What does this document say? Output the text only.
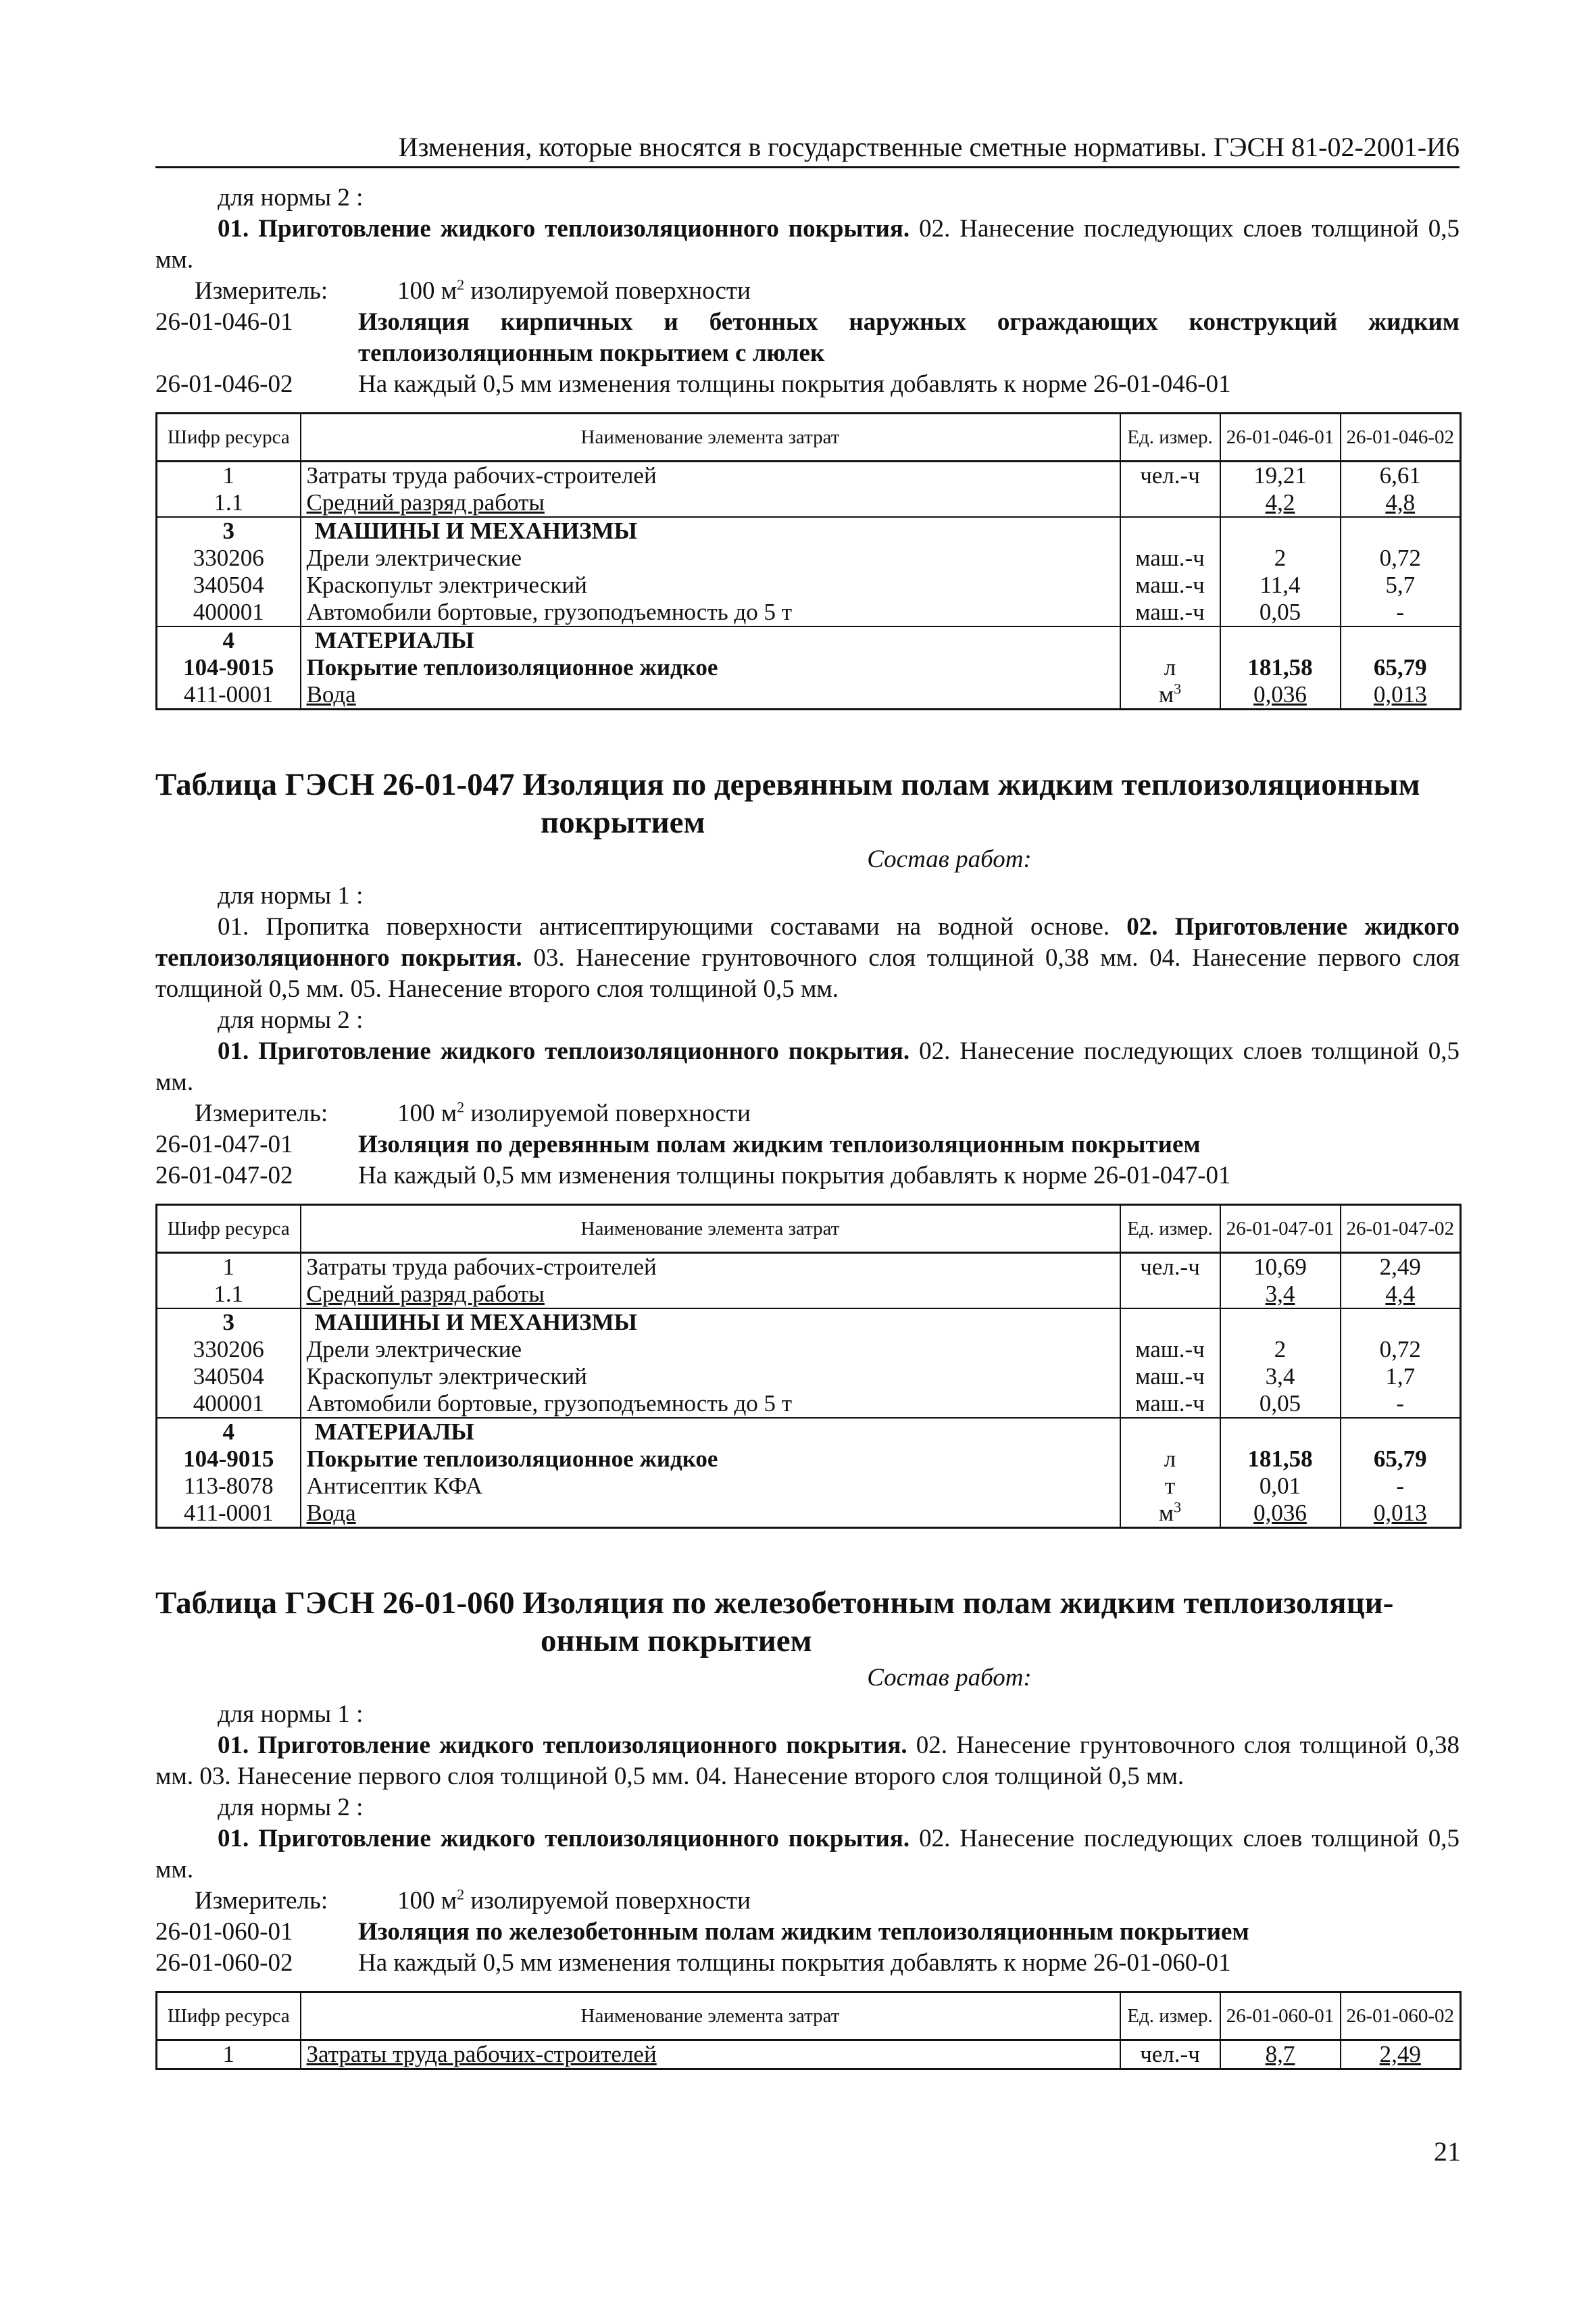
Изменения, которые вносятся в государственные сметные нормативы. ГЭСН 81-02-2001-И6

для нормы 2 :

01. Приготовление жидкого теплоизоляционного покрытия. 02. Нанесение последующих слоев толщиной 0,5 мм.

Измеритель:	100 $м^2$ изолируемой поверхности

26-01-046-01	Изоляция кирпичных и бетонных наружных ограждающих конструкций жидким теплоизоляционным покрытием с люлек
26-01-046-02	На каждый 0,5 мм изменения толщины покрытия добавлять к норме 26-01-046-01
Шифр ресурса	Наименование элемента затрат	Ед. измер.	26-01-046-01	26-01-046-02
1	Затраты труда рабочих-строителей	чел.-ч	19,21	6,61
1.1	Средний разряд работы		4,2	4,8
3	МАШИНЫ И МЕХАНИЗМЫ			
330206	Дрели электрические	маш.-ч	2	0,72
340504	Краскопульт электрический	маш.-ч	11,4	5,7
400001	Автомобили бортовые, грузоподъемность до 5 т	маш.-ч	0,05	-
4	МАТЕРИАЛЫ			
104-9015	Покрытие теплоизоляционное жидкое	л	181,58	65,79
411-0001	Вода	$м^3$	0,036	0,013

Таблица ГЭСН 26-01-047 Изоляция по деревянным полам жидким теплоизоляционным
покрытием

Состав работ:

для нормы 1 :

01. Пропитка поверхности антисептирующими составами на водной основе. 02. Приготовление жидкого теплоизоляционного покрытия. 03. Нанесение грунтовочного слоя толщиной 0,38 мм. 04. Нанесение первого слоя толщиной 0,5 мм. 05. Нанесение второго слоя толщиной 0,5 мм.

для нормы 2 :

01. Приготовление жидкого теплоизоляционного покрытия. 02. Нанесение последующих слоев толщиной 0,5 мм.

Измеритель:	100 $м^2$ изолируемой поверхности

26-01-047-01	Изоляция по деревянным полам жидким теплоизоляционным покрытием
26-01-047-02	На каждый 0,5 мм изменения толщины покрытия добавлять к норме 26-01-047-01
Шифр ресурса	Наименование элемента затрат	Ед. измер.	26-01-047-01	26-01-047-02
1	Затраты труда рабочих-строителей	чел.-ч	10,69	2,49
1.1	Средний разряд работы		3,4	4,4
3	МАШИНЫ И МЕХАНИЗМЫ			
330206	Дрели электрические	маш.-ч	2	0,72
340504	Краскопульт электрический	маш.-ч	3,4	1,7
400001	Автомобили бортовые, грузоподъемность до 5 т	маш.-ч	0,05	-
4	МАТЕРИАЛЫ			
104-9015	Покрытие теплоизоляционное жидкое	л	181,58	65,79
113-8078	Антисептик КФА	т	0,01	-
411-0001	Вода	$м^3$	0,036	0,013

Таблица ГЭСН 26-01-060 Изоляция по железобетонным полам жидким теплоизоляци-
онным покрытием

Состав работ:

для нормы 1 :

01. Приготовление жидкого теплоизоляционного покрытия. 02. Нанесение грунтовочного слоя толщиной 0,38 мм. 03. Нанесение первого слоя толщиной 0,5 мм. 04. Нанесение второго слоя толщиной 0,5 мм.

для нормы 2 :

01. Приготовление жидкого теплоизоляционного покрытия. 02. Нанесение последующих слоев толщиной 0,5 мм.

Измеритель:	100 $м^2$ изолируемой поверхности

26-01-060-01	Изоляция по железобетонным полам жидким теплоизоляционным покрытием
26-01-060-02	На каждый 0,5 мм изменения толщины покрытия добавлять к норме 26-01-060-01
Шифр ресурса	Наименование элемента затрат	Ед. измер.	26-01-060-01	26-01-060-02
1	Затраты труда рабочих-строителей	чел.-ч	8,7	2,49
21
